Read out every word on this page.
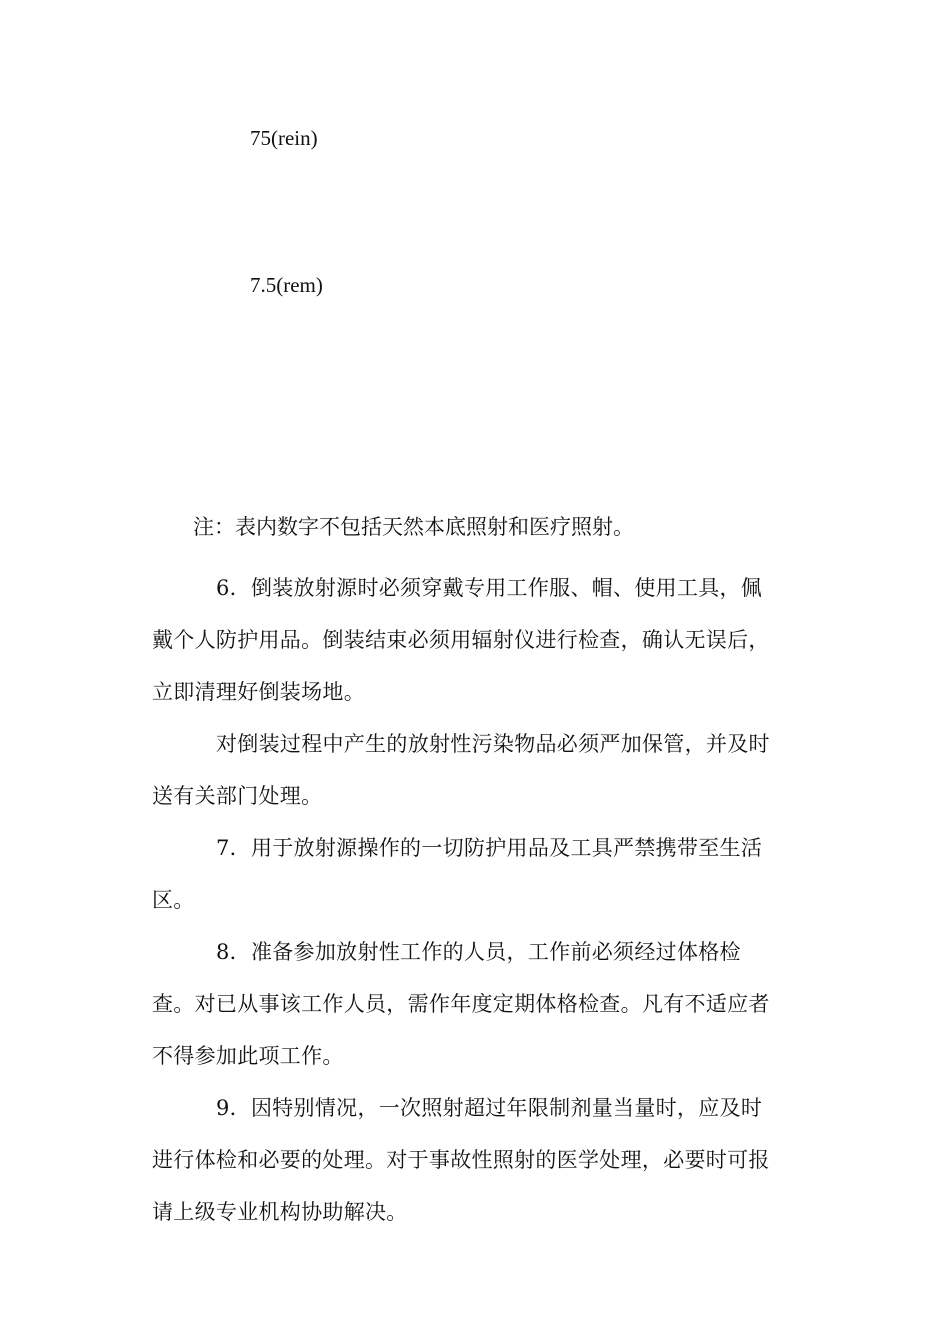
75(rein)
7.5(rem)
注：表内数字不包括天然本底照射和医疗照射。
6．倒装放射源时必须穿戴专用工作服、帽、使用工具，佩
戴个人防护用品。倒装结束必须用辐射仪进行检查，确认无误后，
立即清理好倒装场地。
对倒装过程中产生的放射性污染物品必须严加保管，并及时
送有关部门处理。
7．用于放射源操作的一切防护用品及工具严禁携带至生活
区。
8．准备参加放射性工作的人员，工作前必须经过体格检
查。对已从事该工作人员，需作年度定期体格检查。凡有不适应者
不得参加此项工作。
9．因特别情况，一次照射超过年限制剂量当量时，应及时
进行体检和必要的处理。对于事故性照射的医学处理，必要时可报
请上级专业机构协助解决。
